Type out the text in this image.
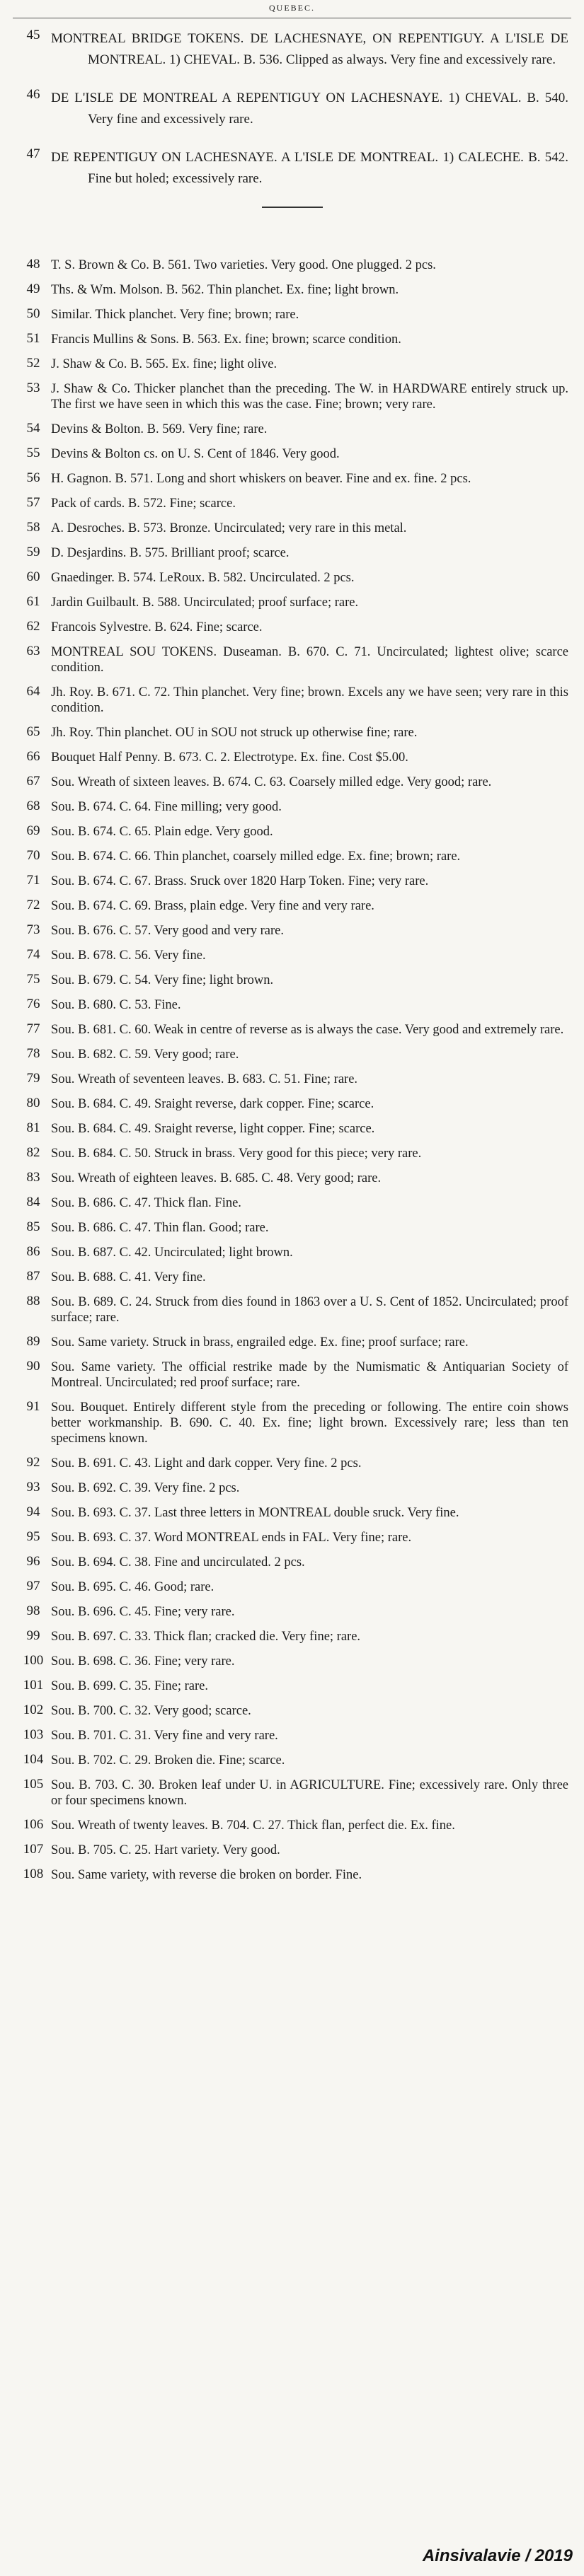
QUEBEC.
45 MONTREAL BRIDGE TOKENS. DE LACHESNAYE, ON REPENTIGUY. A L'ISLE DE MONTREAL. 1) CHEVAL. B. 536. Clipped as always. Very fine and excessively rare.
46 DE L'ISLE DE MONTREAL A REPENTIGUY ON LACHESNAYE. 1) CHEVAL. B. 540. Very fine and excessively rare.
47 DE REPENTIGUY ON LACHESNAYE. A L'ISLE DE MONTREAL. 1) CALECHE. B. 542. Fine but holed; excessively rare.
48 T. S. Brown & Co. B. 561. Two varieties. Very good. One plugged. 2 pcs.
49 Ths. & Wm. Molson. B. 562. Thin planchet. Ex. fine; light brown.
50 Similar. Thick planchet. Very fine; brown; rare.
51 Francis Mullins & Sons. B. 563. Ex. fine; brown; scarce condition.
52 J. Shaw & Co. B. 565. Ex. fine; light olive.
53 J. Shaw & Co. Thicker planchet than the preceding. The W. in HARDWARE entirely struck up. The first we have seen in which this was the case. Fine; brown; very rare.
54 Devins & Bolton. B. 569. Very fine; rare.
55 Devins & Bolton cs. on U. S. Cent of 1846. Very good.
56 H. Gagnon. B. 571. Long and short whiskers on beaver. Fine and ex. fine. 2 pcs.
57 Pack of cards. B. 572. Fine; scarce.
58 A. Desroches. B. 573. Bronze. Uncirculated; very rare in this metal.
59 D. Desjardins. B. 575. Brilliant proof; scarce.
60 Gnaedinger. B. 574. LeRoux. B. 582. Uncirculated. 2 pcs.
61 Jardin Guilbault. B. 588. Uncirculated; proof surface; rare.
62 Francois Sylvestre. B. 624. Fine; scarce.
63 MONTREAL SOU TOKENS. Duseaman. B. 670. C. 71. Uncirculated; lightest olive; scarce condition.
64 Jh. Roy. B. 671. C. 72. Thin planchet. Very fine; brown. Excels any we have seen; very rare in this condition.
65 Jh. Roy. Thin planchet. OU in SOU not struck up otherwise fine; rare.
66 Bouquet Half Penny. B. 673. C. 2. Electrotype. Ex. fine. Cost $5.00.
67 Sou. Wreath of sixteen leaves. B. 674. C. 63. Coarsely milled edge. Very good; rare.
68 Sou. B. 674. C. 64. Fine milling; very good.
69 Sou. B. 674. C. 65. Plain edge. Very good.
70 Sou. B. 674. C. 66. Thin planchet, coarsely milled edge. Ex. fine; brown; rare.
71 Sou. B. 674. C. 67. Brass. Sruck over 1820 Harp Token. Fine; very rare.
72 Sou. B. 674. C. 69. Brass, plain edge. Very fine and very rare.
73 Sou. B. 676. C. 57. Very good and very rare.
74 Sou. B. 678. C. 56. Very fine.
75 Sou. B. 679. C. 54. Very fine; light brown.
76 Sou. B. 680. C. 53. Fine.
77 Sou. B. 681. C. 60. Weak in centre of reverse as is always the case. Very good and extremely rare.
78 Sou. B. 682. C. 59. Very good; rare.
79 Sou. Wreath of seventeen leaves. B. 683. C. 51. Fine; rare.
80 Sou. B. 684. C. 49. Sraight reverse, dark copper. Fine; scarce.
81 Sou. B. 684. C. 49. Sraight reverse, light copper. Fine; scarce.
82 Sou. B. 684. C. 50. Struck in brass. Very good for this piece; very rare.
83 Sou. Wreath of eighteen leaves. B. 685. C. 48. Very good; rare.
84 Sou. B. 686. C. 47. Thick flan. Fine.
85 Sou. B. 686. C. 47. Thin flan. Good; rare.
86 Sou. B. 687. C. 42. Uncirculated; light brown.
87 Sou. B. 688. C. 41. Very fine.
88 Sou. B. 689. C. 24. Struck from dies found in 1863 over a U. S. Cent of 1852. Uncirculated; proof surface; rare.
89 Sou. Same variety. Struck in brass, engrailed edge. Ex. fine; proof surface; rare.
90 Sou. Same variety. The official restrike made by the Numismatic & Antiquarian Society of Montreal. Uncirculated; red proof surface; rare.
91 Sou. Bouquet. Entirely different style from the preceding or following. The entire coin shows better workmanship. B. 690. C. 40. Ex. fine; light brown. Excessively rare; less than ten specimens known.
92 Sou. B. 691. C. 43. Light and dark copper. Very fine. 2 pcs.
93 Sou. B. 692. C. 39. Very fine. 2 pcs.
94 Sou. B. 693. C. 37. Last three letters in MONTREAL double sruck. Very fine.
95 Sou. B. 693. C. 37. Word MONTREAL ends in FAL. Very fine; rare.
96 Sou. B. 694. C. 38. Fine and uncirculated. 2 pcs.
97 Sou. B. 695. C. 46. Good; rare.
98 Sou. B. 696. C. 45. Fine; very rare.
99 Sou. B. 697. C. 33. Thick flan; cracked die. Very fine; rare.
100 Sou. B. 698. C. 36. Fine; very rare.
101 Sou. B. 699. C. 35. Fine; rare.
102 Sou. B. 700. C. 32. Very good; scarce.
103 Sou. B. 701. C. 31. Very fine and very rare.
104 Sou. B. 702. C. 29. Broken die. Fine; scarce.
105 Sou. B. 703. C. 30. Broken leaf under U. in AGRICULTURE. Fine; excessively rare. Only three or four specimens known.
106 Sou. Wreath of twenty leaves. B. 704. C. 27. Thick flan, perfect die. Ex. fine.
107 Sou. B. 705. C. 25. Hart variety. Very good.
108 Sou. Same variety, with reverse die broken on border. Fine.
Ainsivalavie / 2019
